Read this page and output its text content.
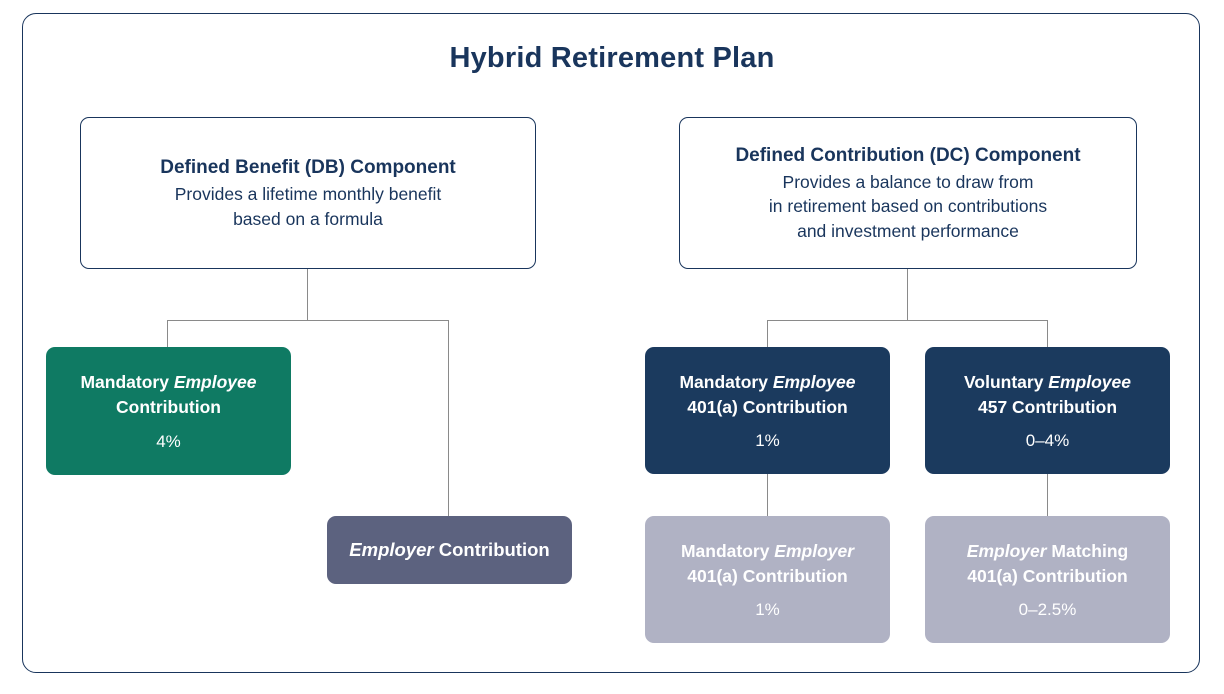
Hybrid Retirement Plan
Defined Benefit (DB) Component
Provides a lifetime monthly benefit
based on a formula
Mandatory Employee
Contribution
4%
Employer Contribution
Defined Contribution (DC) Component
Provides a balance to draw from
in retirement based on contributions
and investment performance
Mandatory Employee
401(a) Contribution
1%
Voluntary Employee
457 Contribution
0–4%
Mandatory Employer
401(a) Contribution
1%
Employer Matching
401(a) Contribution
0–2.5%
